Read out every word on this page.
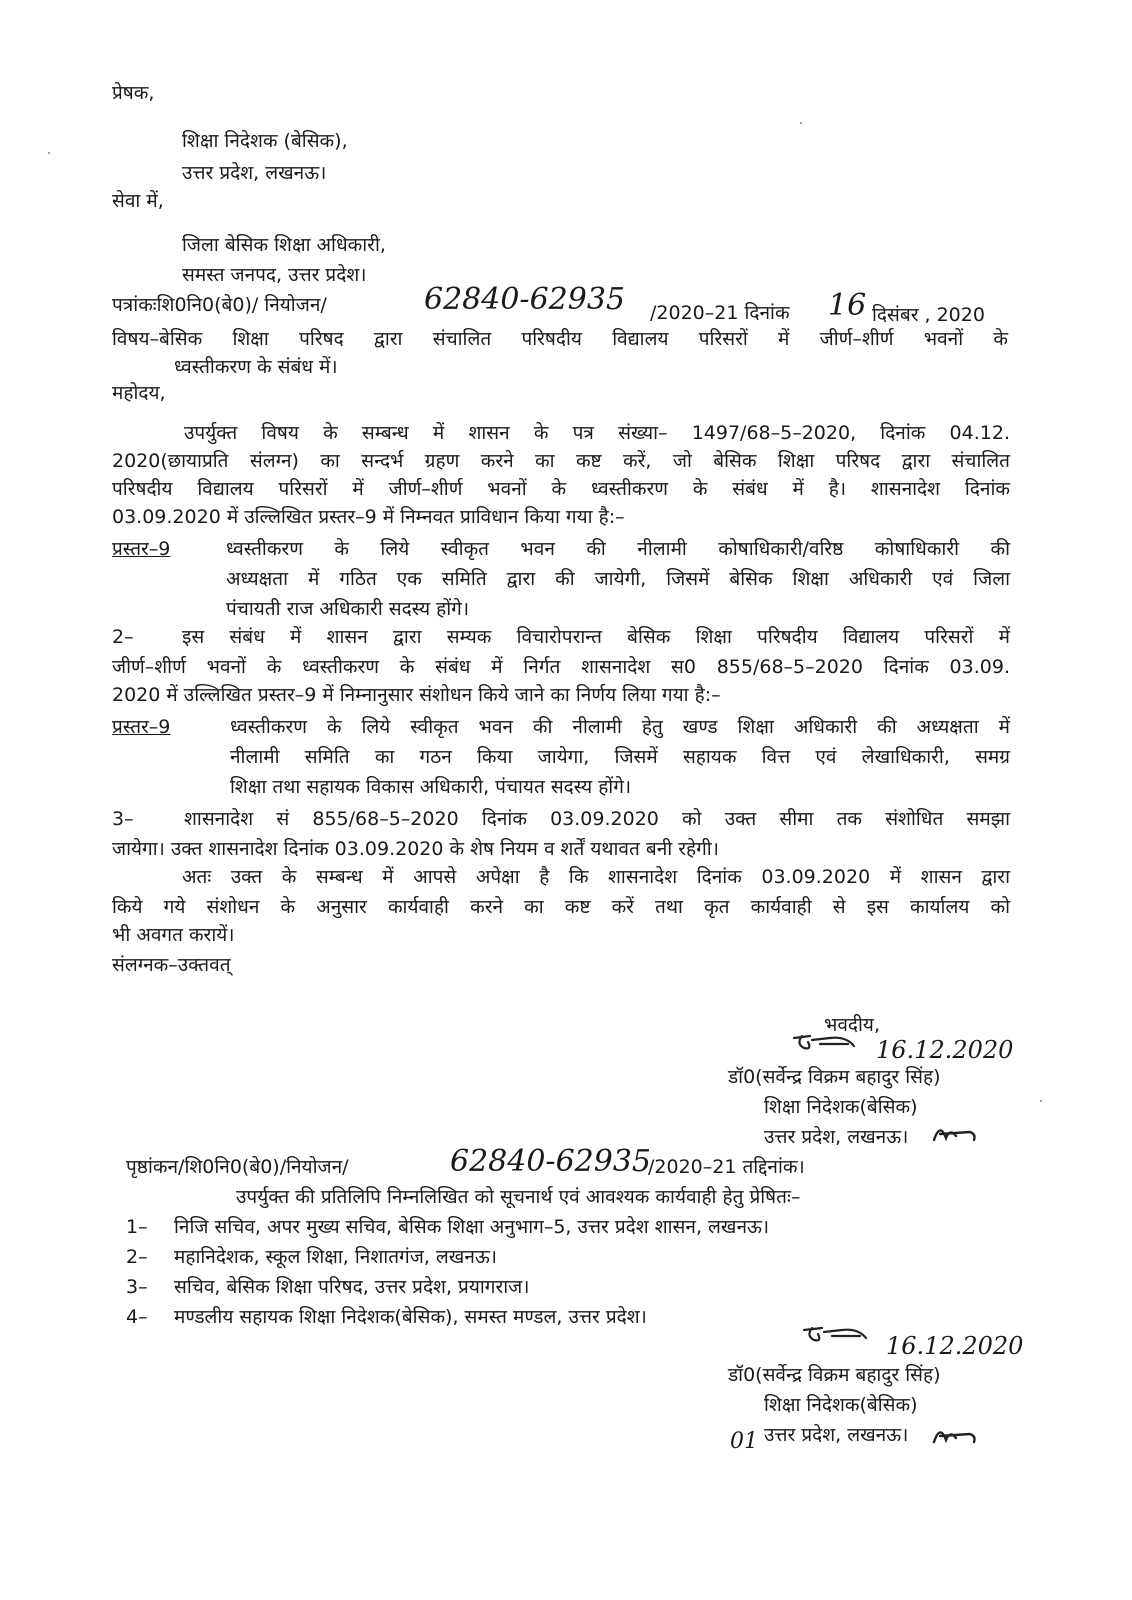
प्रेषक,
शिक्षा निदेशक (बेसिक),
उत्तर प्रदेश, लखनऊ।
सेवा में,
जिला बेसिक शिक्षा अधिकारी,
समस्त जनपद, उत्तर प्रदेश।
पत्रांकःशि0नि0(बे0)/ नियोजन/	62840-62935 /2020–21 दिनांक 16 दिसंबर , 2020
विषय–बेसिक शिक्षा परिषद द्वारा संचालित परिषदीय विद्यालय परिसरों में जीर्ण–शीर्ण भवनों के
ध्वस्तीकरण के संबंध में।
महोदय,
उपर्युक्त विषय के सम्बन्ध में शासन के पत्र संख्या– 1497/68–5–2020, दिनांक 04.12.
2020(छायाप्रति संलग्न) का सन्दर्भ ग्रहण करने का कष्ट करें, जो बेसिक शिक्षा परिषद द्वारा संचालित
परिषदीय विद्यालय परिसरों में जीर्ण–शीर्ण भवनों के ध्वस्तीकरण के संबंध में है। शासनादेश दिनांक
03.09.2020 में उल्लिखित प्रस्तर–9 में निम्नवत प्राविधान किया गया है:–
प्रस्तर–9	ध्वस्तीकरण के लिये स्वीकृत भवन की नीलामी कोषाधिकारी/वरिष्ठ कोषाधिकारी की
अध्यक्षता में गठित एक समिति द्वारा की जायेगी, जिसमें बेसिक शिक्षा अधिकारी एवं जिला
पंचायती राज अधिकारी सदस्य होंगे।
2–	इस संबंध में शासन द्वारा सम्यक विचारोपरान्त बेसिक शिक्षा परिषदीय विद्यालय परिसरों में
जीर्ण–शीर्ण भवनों के ध्वस्तीकरण के संबंध में निर्गत शासनादेश स0 855/68–5–2020 दिनांक 03.09.
2020 में उल्लिखित प्रस्तर–9 में निम्नानुसार संशोधन किये जाने का निर्णय लिया गया है:–
प्रस्तर–9	ध्वस्तीकरण के लिये स्वीकृत भवन की नीलामी हेतु खण्ड शिक्षा अधिकारी की अध्यक्षता में
नीलामी समिति का गठन किया जायेगा, जिसमें सहायक वित्त एवं लेखाधिकारी, समग्र
शिक्षा तथा सहायक विकास अधिकारी, पंचायत सदस्य होंगे।
3–	शासनादेश सं 855/68–5–2020 दिनांक 03.09.2020 को उक्त सीमा तक संशोधित समझा
जायेगा। उक्त शासनादेश दिनांक 03.09.2020 के शेष नियम व शर्तें यथावत बनी रहेगी।
अतः उक्त के सम्बन्ध में आपसे अपेक्षा है कि शासनादेश दिनांक 03.09.2020 में शासन द्वारा
किये गये संशोधन के अनुसार कार्यवाही करने का कष्ट करें तथा कृत कार्यवाही से इस कार्यालय को
भी अवगत करायें।
संलग्नक–उक्तवत्
भवदीय,
16.12.2020
डॉ0(सर्वेन्द्र विक्रम बहादुर सिंह)
शिक्षा निदेशक(बेसिक)
उत्तर प्रदेश, लखनऊ।
पृष्ठांकन/शि0नि0(बे0)/नियोजन/	62840-62935
/2020–21 तद्दिनांक।
उपर्युक्त की प्रतिलिपि निम्नलिखित को सूचनार्थ एवं आवश्यक कार्यवाही हेतु प्रेषितः–
1– निजि सचिव, अपर मुख्य सचिव, बेसिक शिक्षा अनुभाग–5, उत्तर प्रदेश शासन, लखनऊ।
2– महानिदेशक, स्कूल शिक्षा, निशातगंज, लखनऊ।
3– सचिव, बेसिक शिक्षा परिषद, उत्तर प्रदेश, प्रयागराज।
4– मण्डलीय सहायक शिक्षा निदेशक(बेसिक), समस्त मण्डल, उत्तर प्रदेश।
16.12.2020
डॉ0(सर्वेन्द्र विक्रम बहादुर सिंह)
शिक्षा निदेशक(बेसिक)
01 उत्तर प्रदेश, लखनऊ।
